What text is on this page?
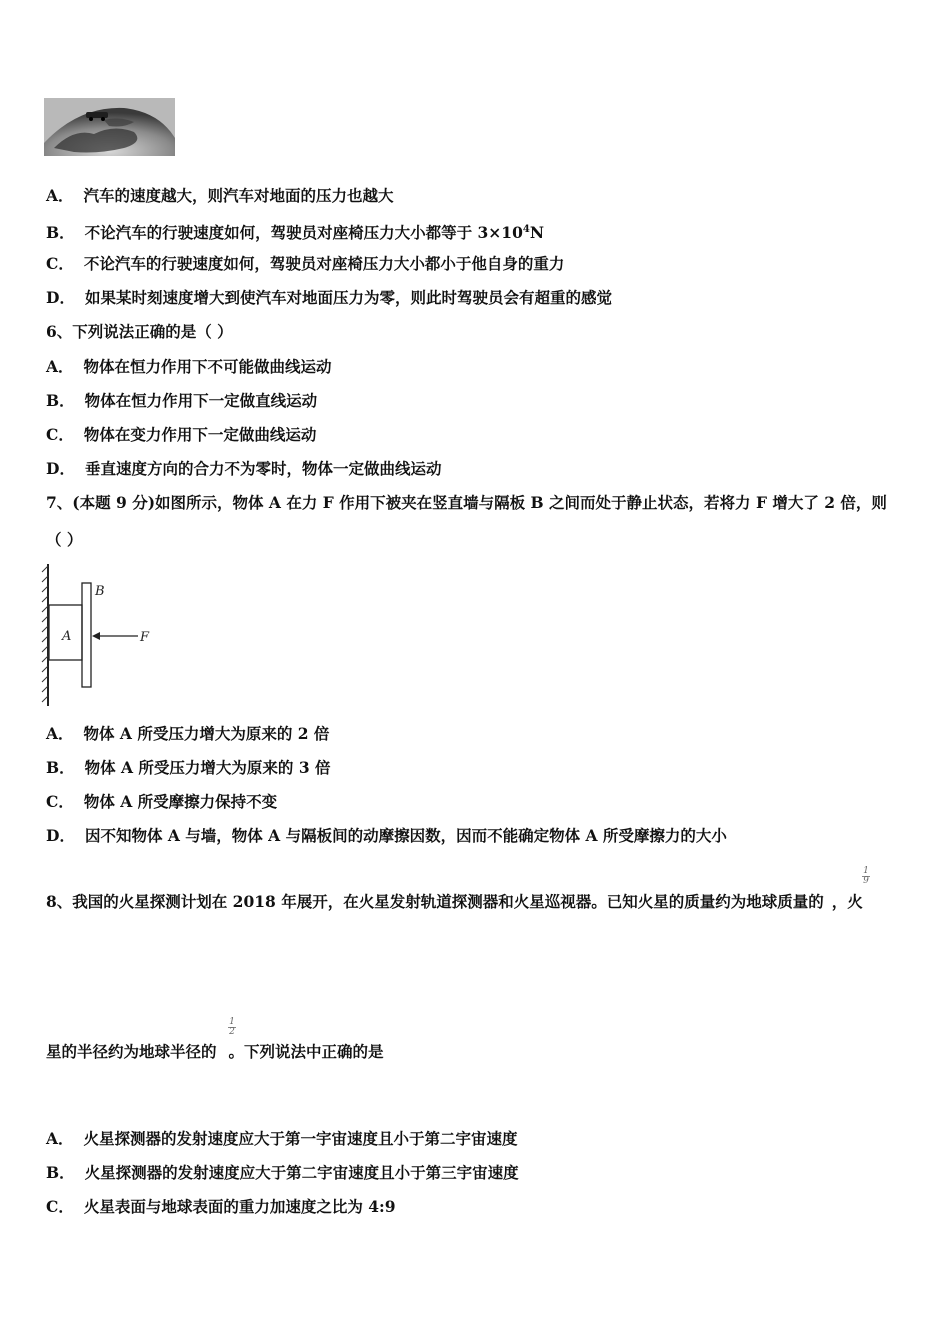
A． 汽车的速度越大，则汽车对地面的压力也越大
B． 不论汽车的行驶速度如何，驾驶员对座椅压力大小都等于 $3\times 10^4N$
C． 不论汽车的行驶速度如何，驾驶员对座椅压力大小都小于他自身的重力
D． 如果某时刻速度增大到使汽车对地面压力为零，则此时驾驶员会有超重的感觉
6、下列说法正确的是（ ）
A． 物体在恒力作用下不可能做曲线运动
B． 物体在恒力作用下一定做直线运动
C． 物体在变力作用下一定做曲线运动
D． 垂直速度方向的合力不为零时，物体一定做曲线运动
7、(本题 9 分)如图所示，物体 A 在力 F 作用下被夹在竖直墙与隔板 B 之间而处于静止状态，若将力 F 增大了 2 倍，则
（ ）
A
B
F
A． 物体 A 所受压力增大为原来的 2 倍
B． 物体 A 所受压力增大为原来的 3 倍
C． 物体 A 所受摩擦力保持不变
D． 因不知物体 A 与墙，物体 A 与隔板间的动摩擦因数，因而不能确定物体 A 所受摩擦力的大小
8、我国的火星探测计划在 2018 年展开，在火星发射轨道探测器和火星巡视器。已知火星的质量约为地球质量的 ，火
$\frac{1}{9}$
星的半径约为地球半径的 。下列说法中正确的是
$\frac{1}{2}$
A． 火星探测器的发射速度应大于第一宇宙速度且小于第二宇宙速度
B． 火星探测器的发射速度应大于第二宇宙速度且小于第三宇宙速度
C． 火星表面与地球表面的重力加速度之比为 4:9
